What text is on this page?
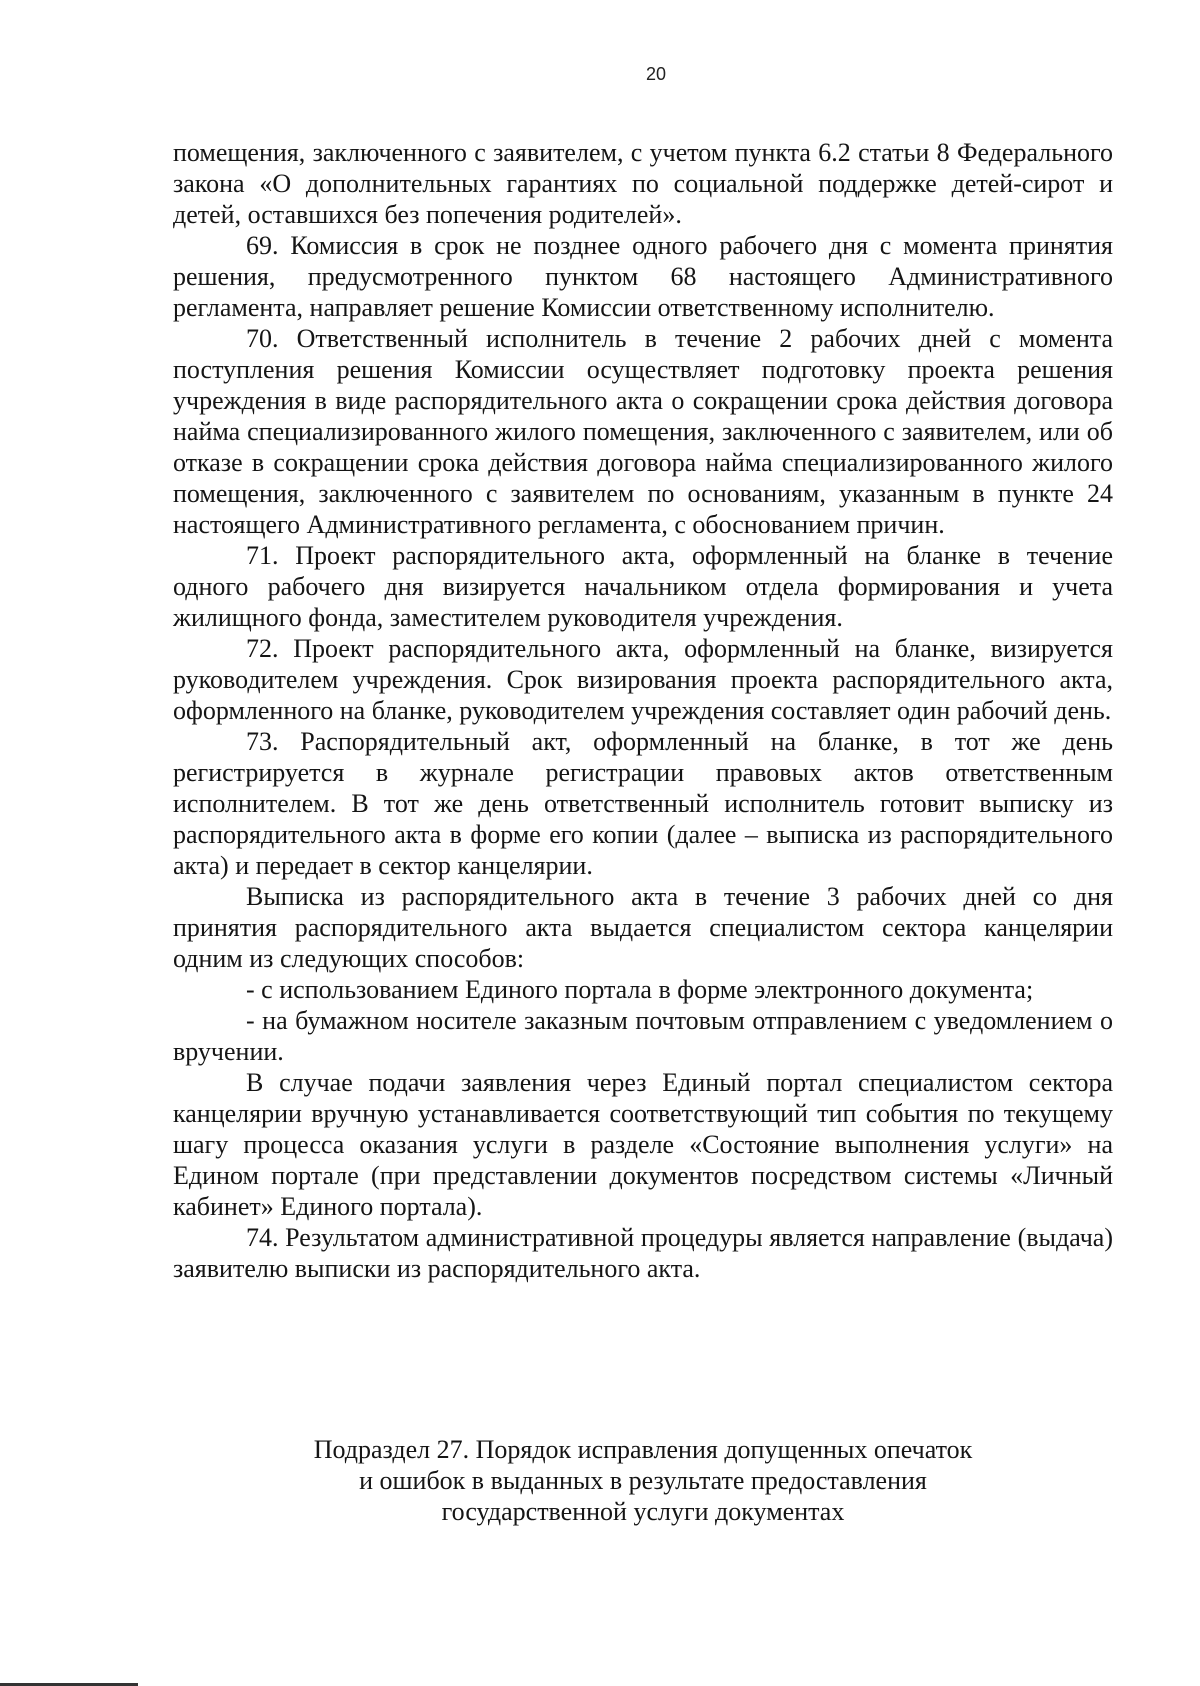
20

помещения, заключенного с заявителем, с учетом пункта 6.2 статьи 8 Федерального закона «О дополнительных гарантиях по социальной поддержке детей-сирот и детей, оставшихся без попечения родителей».

69. Комиссия в срок не позднее одного рабочего дня с момента принятия решения, предусмотренного пунктом 68 настоящего Административного регламента, направляет решение Комиссии ответственному исполнителю.

70. Ответственный исполнитель в течение 2 рабочих дней с момента поступления решения Комиссии осуществляет подготовку проекта решения учреждения в виде распорядительного акта о сокращении срока действия договора найма специализированного жилого помещения, заключенного с заявителем, или об отказе в сокращении срока действия договора найма специализированного жилого помещения, заключенного с заявителем по основаниям, указанным в пункте 24 настоящего Административного регламента, с обоснованием причин.

71. Проект распорядительного акта, оформленный на бланке в течение одного рабочего дня визируется начальником отдела формирования и учета жилищного фонда, заместителем руководителя учреждения.

72. Проект распорядительного акта, оформленный на бланке, визируется руководителем учреждения. Срок визирования проекта распорядительного акта, оформленного на бланке, руководителем учреждения составляет один рабочий день.

73. Распорядительный акт, оформленный на бланке, в тот же день регистрируется в журнале регистрации правовых актов ответственным исполнителем. В тот же день ответственный исполнитель готовит выписку из распорядительного акта в форме его копии (далее – выписка из распорядительного акта) и передает в сектор канцелярии.

Выписка из распорядительного акта в течение 3 рабочих дней со дня принятия распорядительного акта выдается специалистом сектора канцелярии одним из следующих способов:

- с использованием Единого портала в форме электронного документа;

- на бумажном носителе заказным почтовым отправлением с уведомлением о вручении.

В случае подачи заявления через Единый портал специалистом сектора канцелярии вручную устанавливается соответствующий тип события по текущему шагу процесса оказания услуги в разделе «Состояние выполнения услуги» на Едином портале (при представлении документов посредством системы «Личный кабинет» Единого портала).

74. Результатом административной процедуры является направление (выдача) заявителю выписки из распорядительного акта.

Подраздел 27. Порядок исправления допущенных опечаток
и ошибок в выданных в результате предоставления
государственной услуги документах
